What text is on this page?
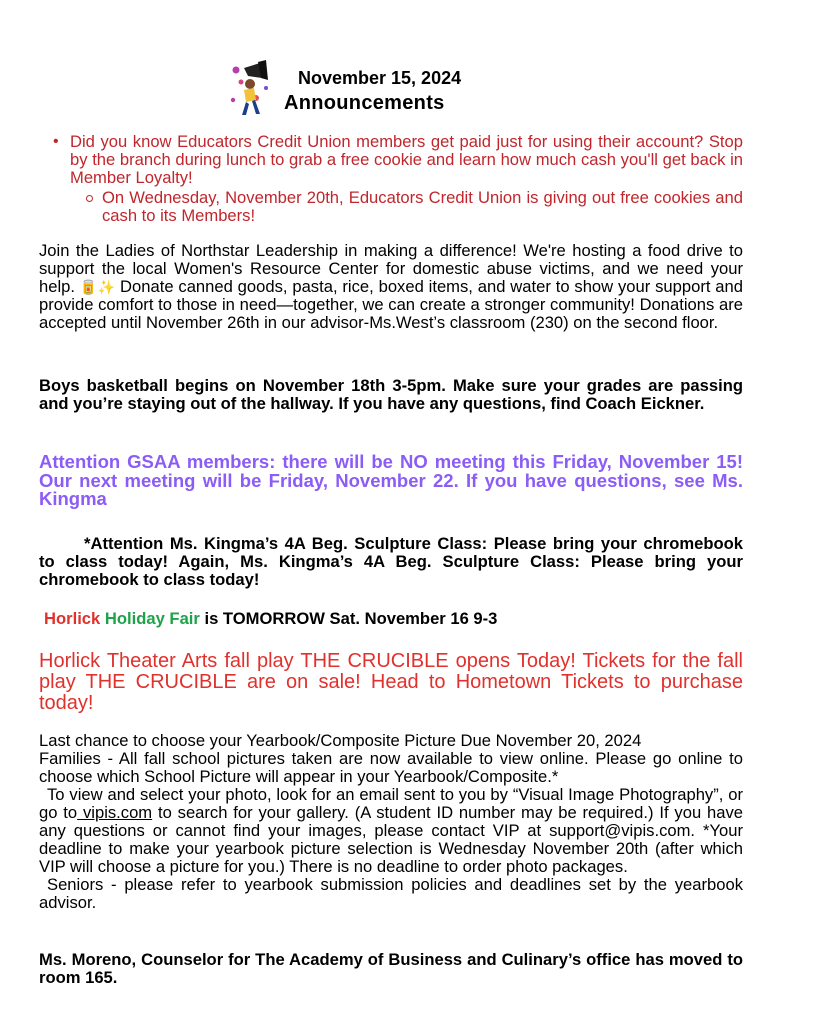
November 15, 2024
Announcements
• Did you know Educators Credit Union members get paid just for using their account? Stop by the branch during lunch to grab a free cookie and learn how much cash you'll get back in Member Loyalty!
On Wednesday, November 20th, Educators Credit Union is giving out free cookies and cash to its Members!
Join the Ladies of Northstar Leadership in making a difference! We're hosting a food drive to support the local Women's Resource Center for domestic abuse victims, and we need your help. 🥫✨ Donate canned goods, pasta, rice, boxed items, and water to show your support and provide comfort to those in need—together, we can create a stronger community! Donations are accepted until November 26th in our advisor-Ms.West’s classroom (230) on the second floor.
Boys basketball begins on November 18th 3-5pm. Make sure your grades are passing and you’re staying out of the hallway. If you have any questions, find Coach Eickner.
Attention GSAA members: there will be NO meeting this Friday, November 15! Our next meeting will be Friday, November 22. If you have questions, see Ms. Kingma
*Attention Ms. Kingma’s 4A Beg. Sculpture Class: Please bring your chromebook to class today! Again, Ms. Kingma’s 4A Beg. Sculpture Class: Please bring your chromebook to class today!
Horlick Holiday Fair is TOMORROW Sat. November 16 9-3
Horlick Theater Arts fall play THE CRUCIBLE opens Today! Tickets for the fall play THE CRUCIBLE are on sale! Head to Hometown Tickets to purchase today!
Last chance to choose your Yearbook/Composite Picture Due November 20, 2024
Families - All fall school pictures taken are now available to view online. Please go online to choose which School Picture will appear in your Yearbook/Composite.*
To view and select your photo, look for an email sent to you by “Visual Image Photography”, or go to vipis.com to search for your gallery. (A student ID number may be required.) If you have any questions or cannot find your images, please contact VIP at support@vipis.com. *Your deadline to make your yearbook picture selection is Wednesday November 20th (after which VIP will choose a picture for you.) There is no deadline to order photo packages.
Seniors - please refer to yearbook submission policies and deadlines set by the yearbook advisor.
Ms. Moreno, Counselor for The Academy of Business and Culinary’s office has moved to room 165.
